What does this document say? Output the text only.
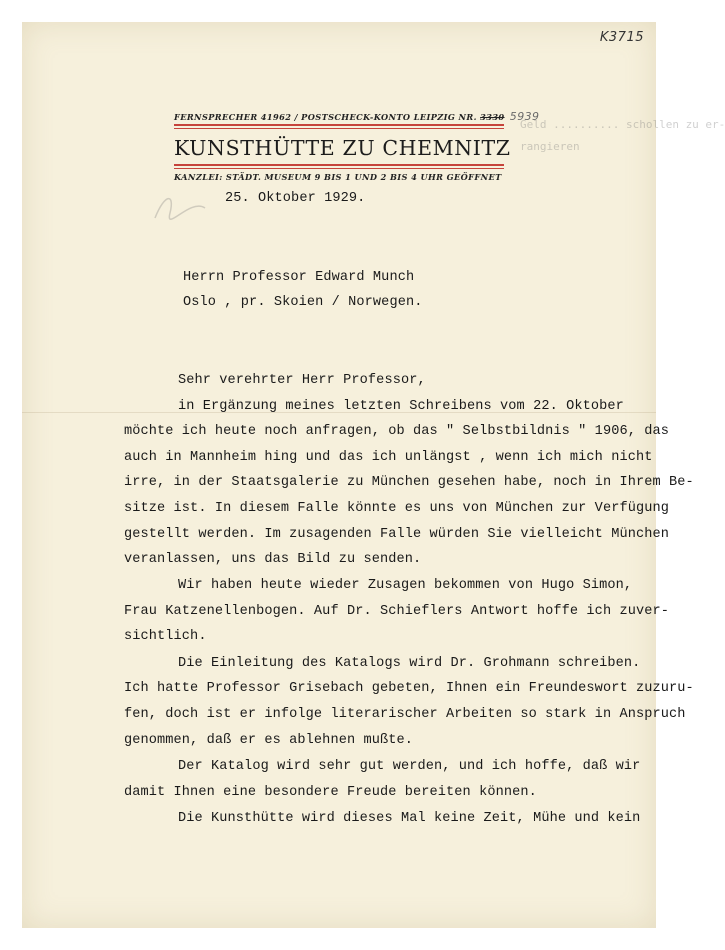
K3715
Geld .......... schollen zu er-
rangieren
FERNSPRECHER 41962 / POSTSCHECK-KONTO LEIPZIG NR. 3330 5939
KUNSTHÜTTE ZU CHEMNITZ
KANZLEI: STÄDT. MUSEUM 9 BIS 1 UND 2 BIS 4 UHR GEÖFFNET
25. Oktober 1929.
Herrn Professor Edward Munch
Oslo , pr. Skoien / Norwegen.
Sehr verehrter Herr Professor,
in Ergänzung meines letzten Schreibens vom 22. Oktober
möchte ich heute noch anfragen, ob das " Selbstbildnis " 1906, das
auch in Mannheim hing und das ich unlängst , wenn ich mich nicht
irre, in der Staatsgalerie zu München gesehen habe, noch in Ihrem Be-
sitze ist. In diesem Falle könnte es uns von München zur Verfügung
gestellt werden. Im zusagenden Falle würden Sie vielleicht München
veranlassen, uns das Bild zu senden.
Wir haben heute wieder Zusagen bekommen von Hugo Simon,
Frau Katzenellenbogen. Auf Dr. Schieflers Antwort hoffe ich zuver-
sichtlich.
Die Einleitung des Katalogs wird Dr. Grohmann schreiben.
Ich hatte Professor Grisebach gebeten, Ihnen ein Freundeswort zuzuru-
fen, doch ist er infolge literarischer Arbeiten so stark in Anspruch
genommen, daß er es ablehnen mußte.
Der Katalog wird sehr gut werden, und ich hoffe, daß wir
damit Ihnen eine besondere Freude bereiten können.
Die Kunsthütte wird dieses Mal keine Zeit, Mühe und kein
